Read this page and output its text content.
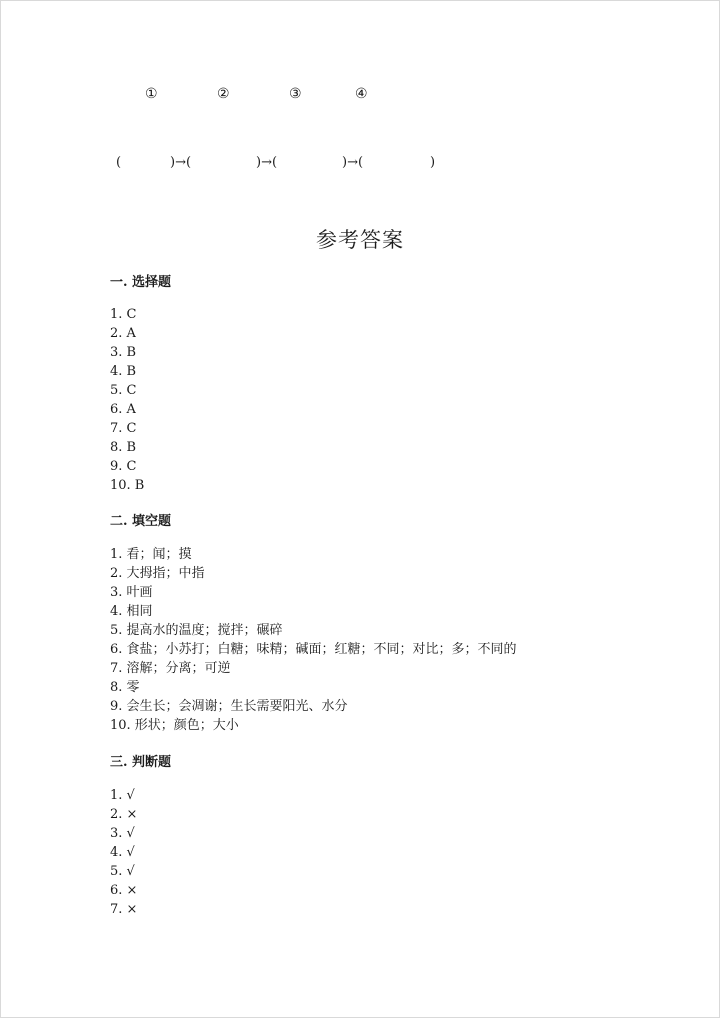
①	②	③	④
(	)→(	)→(	)→(	)
参考答案
一. 选择题
1. C
2. A
3. B
4. B
5. C
6. A
7. C
8. B
9. C
10. B
二. 填空题
1. 看；闻；摸
2. 大拇指；中指
3. 叶画
4. 相同
5. 提高水的温度；搅拌；碾碎
6. 食盐；小苏打；白糖；味精；碱面；红糖；不同；对比；多；不同的
7. 溶解；分离；可逆
8. 零
9. 会生长；会凋谢；生长需要阳光、水分
10. 形状；颜色；大小
三. 判断题
1. √
2. ×
3. √
4. √
5. √
6. ×
7. ×
